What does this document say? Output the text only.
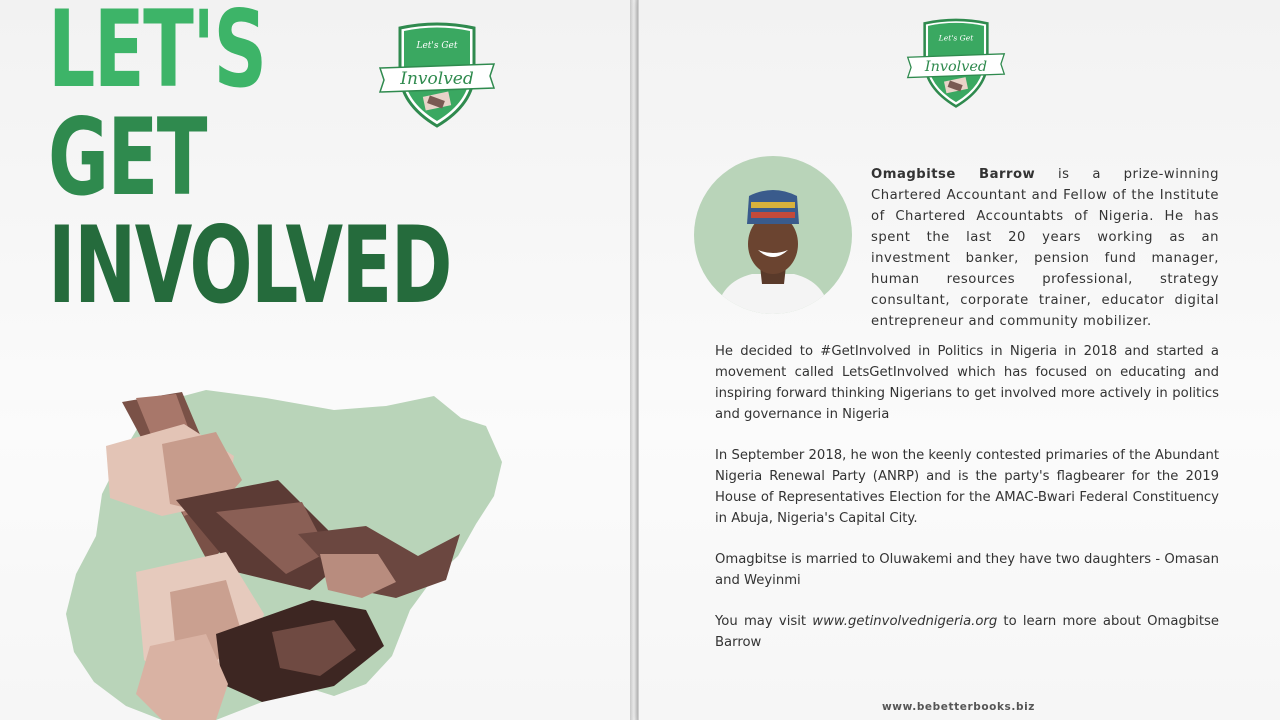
LET'S
GET
INVOLVED
Let's Get
Involved
Let's Get
Involved

Omagbitse Barrow is a prize-winning Chartered Accountant and Fellow of the Institute of Chartered Accountabts of Nigeria. He has spent the last 20 years working as an investment banker, pension fund manager, human resources professional, strategy consultant, corporate trainer, educator digital entrepreneur and community mobilizer.

He decided to #GetInvolved in Politics in Nigeria in 2018 and started a movement called LetsGetInvolved which has focused on educating and inspiring forward thinking Nigerians to get involved more actively in politics and governance in Nigeria

In September 2018, he won the keenly contested primaries of the Abundant Nigeria Renewal Party (ANRP) and is the party's flagbearer for the 2019 House of Representatives Election for the AMAC-Bwari Federal Constituency in Abuja, Nigeria's Capital City.

Omagbitse is married to Oluwakemi and they have two daughters - Omasan and Weyinmi

You may visit www.getinvolvednigeria.org to learn more about Omagbitse Barrow

www.bebetterbooks.biz
